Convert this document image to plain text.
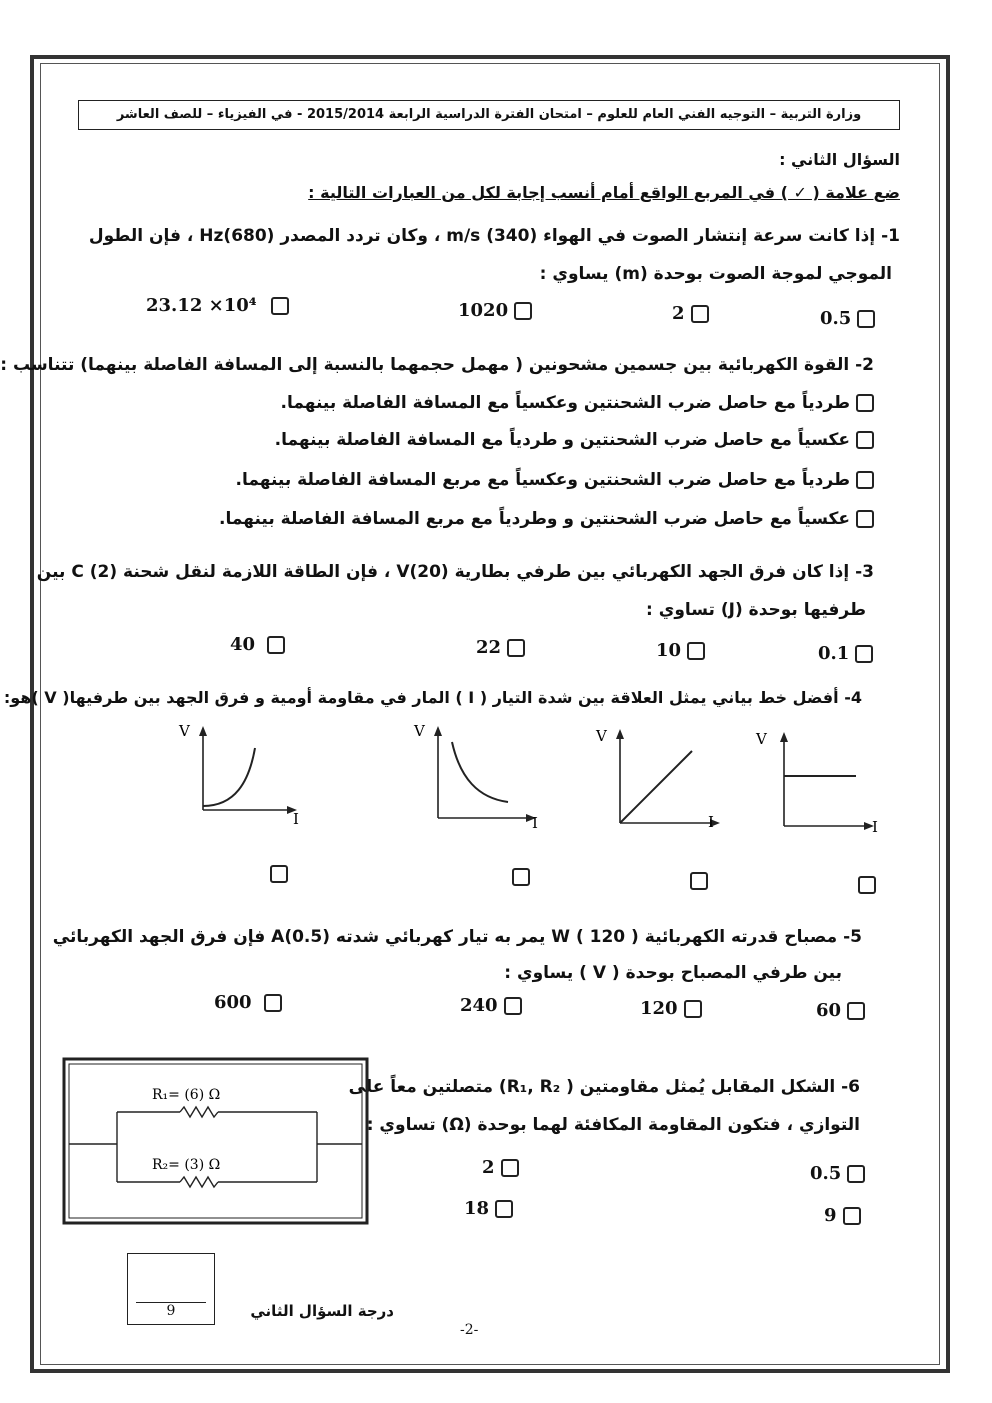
وزارة التربية – التوجيه الفني العام للعلوم – امتحان الفترة الدراسية الرابعة 2015/2014 - في الفيزياء – للصف العاشر
السؤال الثاني :
ضع علامة ( ✓ ) في المربع الواقع أمام أنسب إجابة لكل من العبارات التالية :
1- إذا كانت سرعة إنتشار الصوت في الهواء m/s (340) ، وكان تردد المصدر Hz(680) ، فإن الطول
الموجي لموجة الصوت بوحدة (m) يساوي :
0.5
2
1020
23.12 ×10⁴
2- القوة الكهربائية بين جسمين مشحونين ( مهمل حجمهما بالنسبة إلى المسافة الفاصلة بينهما) تتناسب :
طردياً مع حاصل ضرب الشحنتين وعكسياً مع المسافة الفاصلة بينهما.
عكسياً مع حاصل ضرب الشحنتين و طردياً مع المسافة الفاصلة بينهما.
طردياً مع حاصل ضرب الشحنتين وعكسياً مع مربع المسافة الفاصلة بينهما.
عكسياً مع حاصل ضرب الشحنتين و وطردياً مع مربع المسافة الفاصلة بينهما.
3- إذا كان فرق الجهد الكهربائي بين طرفي بطارية V(20) ، فإن الطاقة اللازمة لنقل شحنة C (2) بين
طرفيها بوحدة (J) تساوي :
0.1
10
22
40
4- أفضل خط بياني يمثل العلاقة بين شدة التيار ( I ) المار في مقاومة أومية و فرق الجهد بين طرفيها( V )هو:
V
I
V
I
V
I
V
I
5- مصباح قدرته الكهربائية W ( 120 ) يمر به تيار كهربائي شدته A(0.5) فإن فرق الجهد الكهربائي
بين طرفي المصباح بوحدة ( V ) يساوي :
60
120
240
600
6- الشكل المقابل يُمثل مقاومتين ( R₁, R₂) متصلتين معاً على
التوازي ، فتكون المقاومة المكافئة لهما بوحدة (Ω) تساوي :
0.5
2
9
18
R₁= (6) Ω
R₂= (3) Ω
9	درجة السؤال الثاني
-2-
